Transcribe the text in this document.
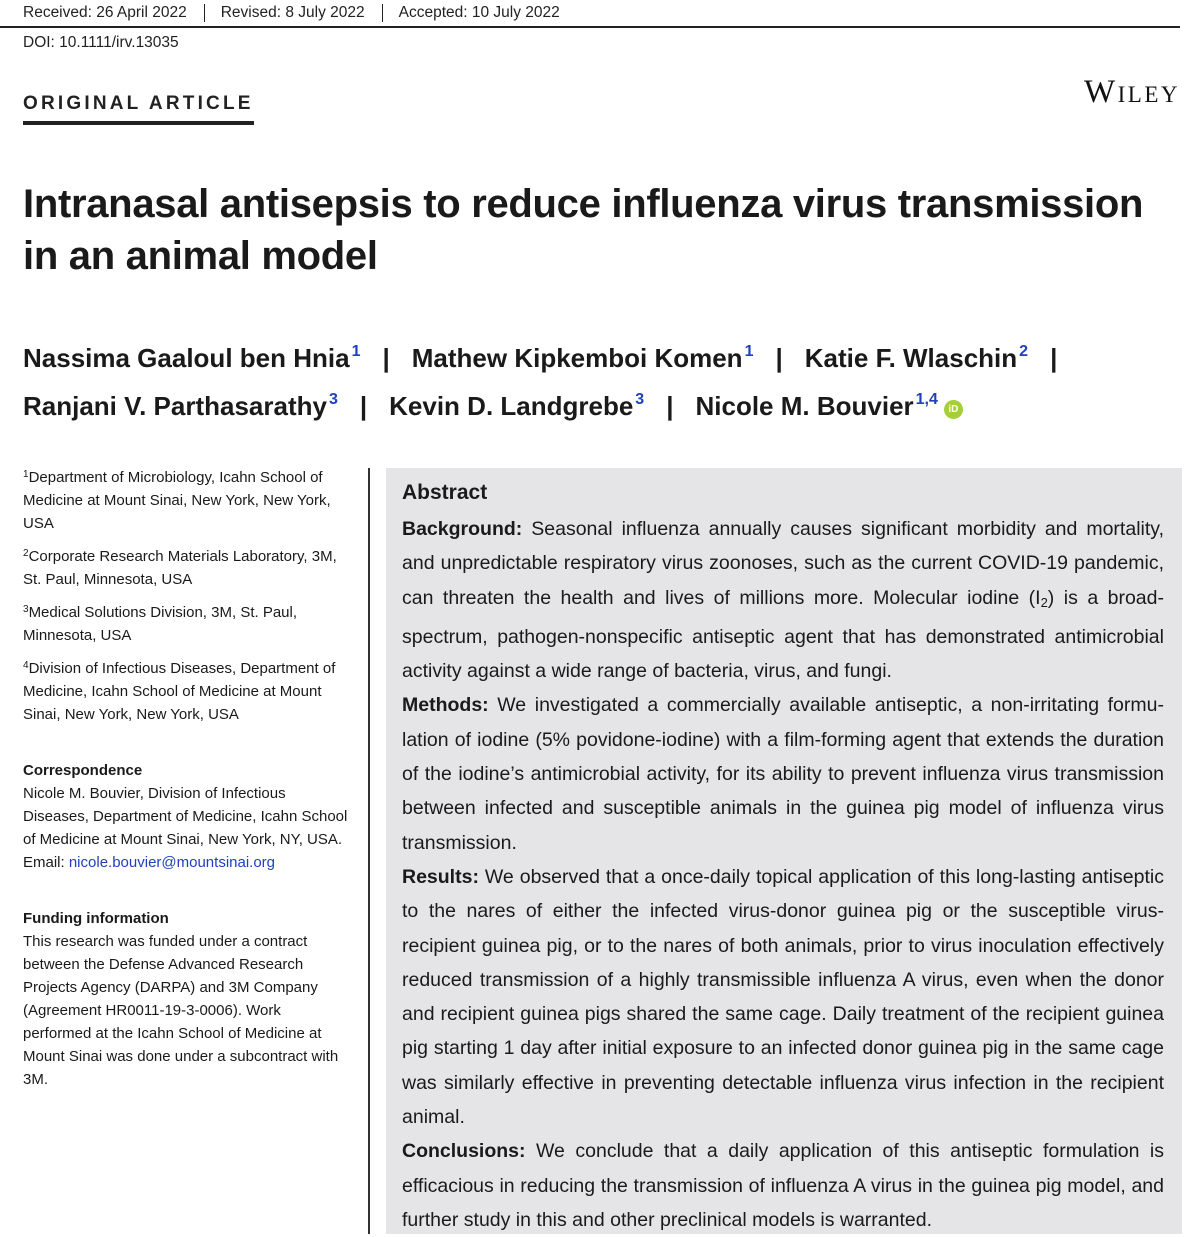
Received: 26 April 2022	Revised: 8 July 2022	Accepted: 10 July 2022
DOI: 10.1111/irv.13035
ORIGINAL ARTICLE	Wiley
Intranasal antisepsis to reduce influenza virus transmission in an animal model
Nassima Gaaloul ben Hnia $^1$ | Mathew Kipkemboi Komen $^1$ | Katie F. Wlaschin $^2$ |
Ranjani V. Parthasarathy $^3$ | Kevin D. Landgrebe $^3$ | Nicole M. Bouvier $^{1,4}$iD

$^1$Department of Microbiology, Icahn School of Medicine at Mount Sinai, New York, New York, USA

$^2$Corporate Research Materials Laboratory, 3M, St. Paul, Minnesota, USA

$^3$Medical Solutions Division, 3M, St. Paul, Minnesota, USA

$^4$Division of Infectious Diseases, Department of Medicine, Icahn School of Medicine at Mount Sinai, New York, New York, USA

Correspondence
Nicole M. Bouvier, Division of Infectious Diseases, Department of Medicine, Icahn School of Medicine at Mount Sinai, New York, NY, USA.
Email: nicole.bouvier@mountsinai.org
Funding information
This research was funded under a contract between the Defense Advanced Research Projects Agency (DARPA) and 3M Company (Agreement HR0011-19-3-0006). Work performed at the Icahn School of Medicine at Mount Sinai was done under a subcontract with 3M.
Abstract

Background: Seasonal influenza annually causes significant morbidity and mortality, and unpredictable respiratory virus zoonoses, such as the current COVID-19 pandemic, can threaten the health and lives of millions more. Molecular iodine $(I_2)$ is a broad-spectrum, pathogen-nonspecific antiseptic agent that has demonstrated antimicrobial activity against a wide range of bacteria, virus, and fungi.

Methods: We investigated a commercially available antiseptic, a non-irritating formulation of iodine (5% povidone-iodine) with a film-forming agent that extends the duration of the iodine’s antimicrobial activity, for its ability to prevent influenza virus transmission between infected and susceptible animals in the guinea pig model of influenza virus transmission.

Results: We observed that a once-daily topical application of this long-lasting antiseptic to the nares of either the infected virus-donor guinea pig or the susceptible virus-recipient guinea pig, or to the nares of both animals, prior to virus inoculation effectively reduced transmission of a highly transmissible influenza A virus, even when the donor and recipient guinea pigs shared the same cage. Daily treatment of the recipient guinea pig starting 1 day after initial exposure to an infected donor guinea pig in the same cage was similarly effective in preventing detectable influenza virus infection in the recipient animal.

Conclusions: We conclude that a daily application of this antiseptic formulation is efficacious in reducing the transmission of influenza A virus in the guinea pig model, and further study in this and other preclinical models is warranted.
